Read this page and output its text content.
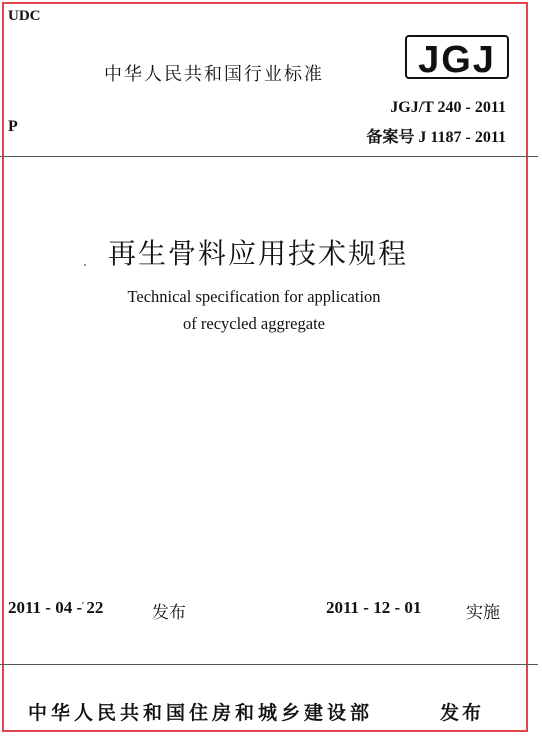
UDC
中华人民共和国行业标准 JGJ
JGJ/T 240 - 2011
P
备案号 J 1187 - 2011
再生骨料应用技术规程
Technical specification for application
of recycled aggregate
2011 - 04 - 22	发布	2011 - 12 - 01	实施
中华人民共和国住房和城乡建设部	发布
